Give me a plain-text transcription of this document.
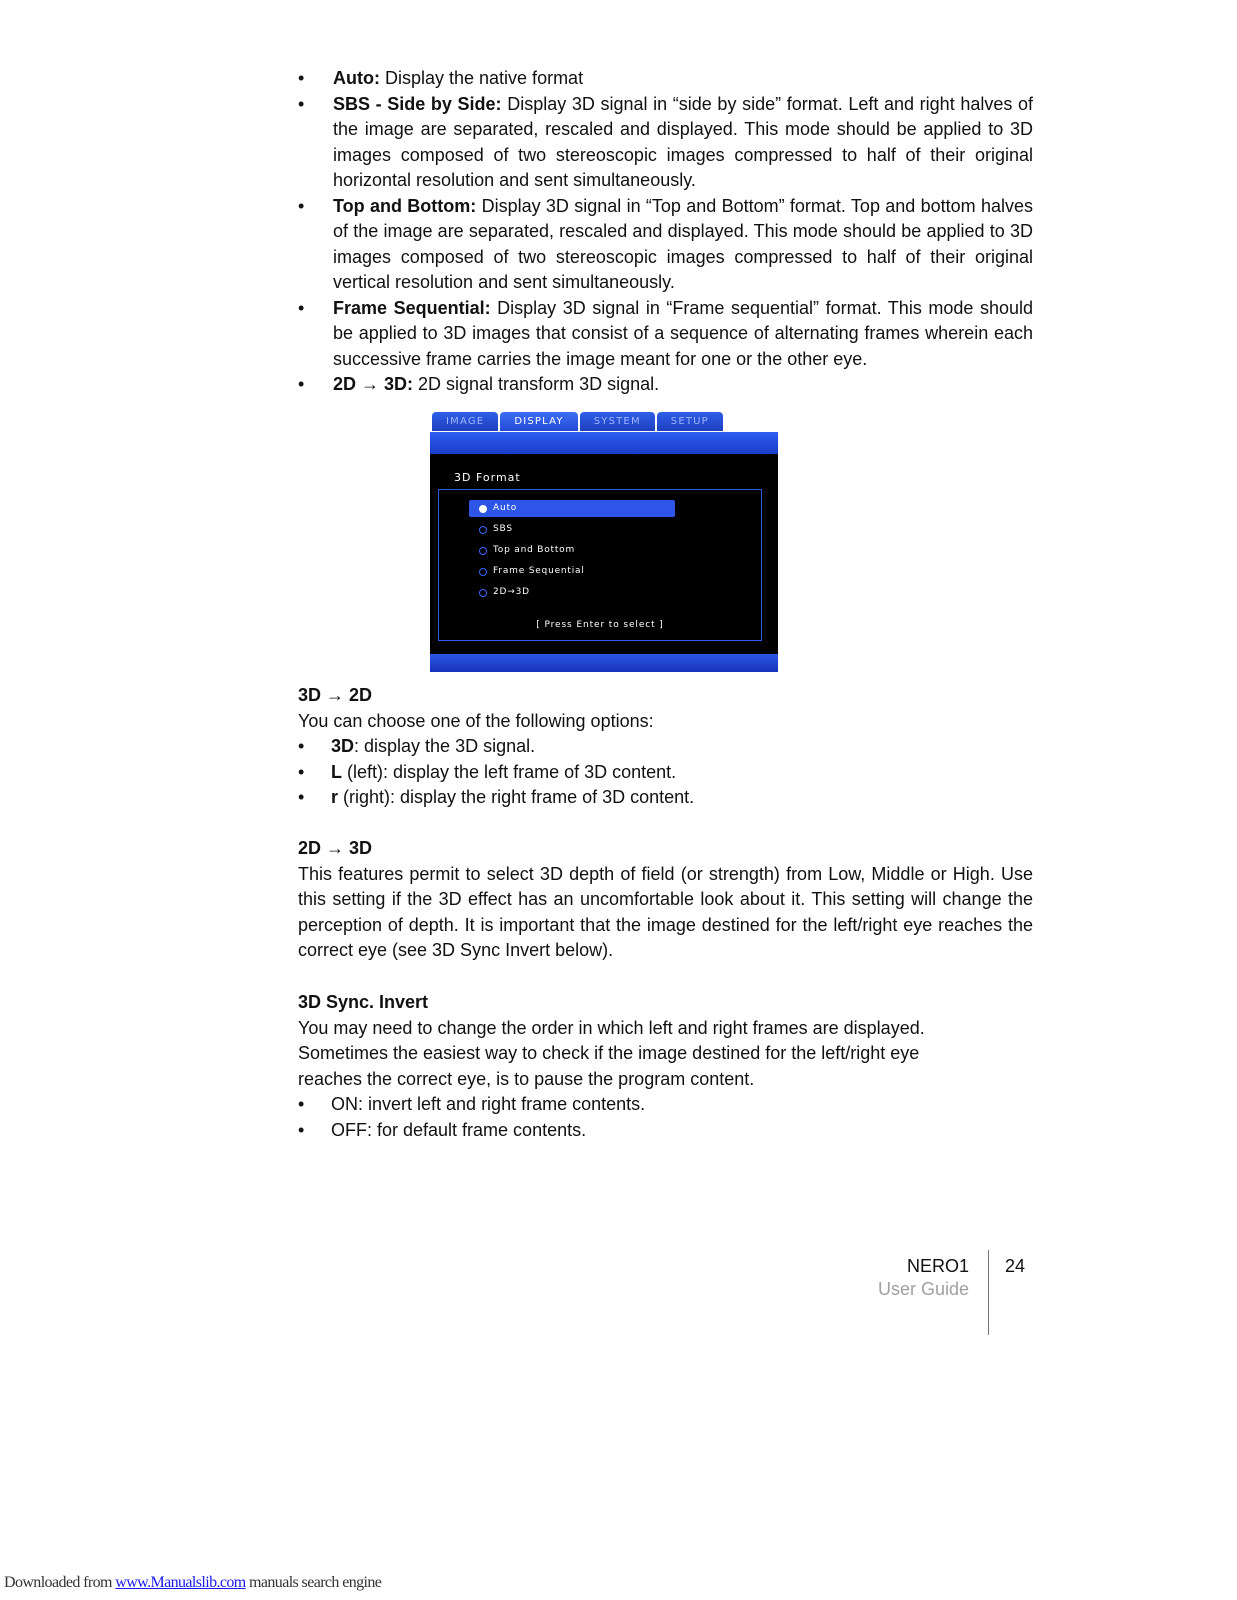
• Auto: Display the native format
• SBS - Side by Side: Display 3D signal in “side by side” format. Left and right halves of the image are separated, rescaled and displayed. This mode should be applied to 3D images composed of two stereoscopic images compressed to half of their original horizontal resolution and sent simultaneously.
• Top and Bottom: Display 3D signal in “Top and Bottom” format. Top and bottom halves of the image are separated, rescaled and displayed. This mode should be applied to 3D images composed of two stereoscopic images compressed to half of their original vertical resolution and sent simultaneously.
• Frame Sequential: Display 3D signal in “Frame sequential” format. This mode should be applied to 3D images that consist of a sequence of alternating frames wherein each successive frame carries the image meant for one or the other eye.
• 2D → 3D: 2D signal transform 3D signal.
IMAGE	DISPLAY	SYSTEM	SETUP
3D Format
Auto
SBS
Top and Bottom
Frame Sequential
2D→3D
[ Press Enter to select ]

3D → 2D

You can choose one of the following options:

• 3D: display the 3D signal.
• L (left): display the left frame of 3D content.
• r (right): display the right frame of 3D content.

2D → 3D

This features permit to select 3D depth of field (or strength) from Low, Middle or High. Use this setting if the 3D effect has an uncomfortable look about it. This setting will change the perception of depth. It is important that the image destined for the left/right eye reaches the correct eye (see 3D Sync Invert below).

3D Sync. Invert

You may need to change the order in which left and right frames are displayed.

Sometimes the easiest way to check if the image destined for the left/right eye

reaches the correct eye, is to pause the program content.

• ON: invert left and right frame contents.
• OFF: for default frame contents.
NERO1
User Guide
24
Downloaded from www.Manualslib.com manuals search engine
